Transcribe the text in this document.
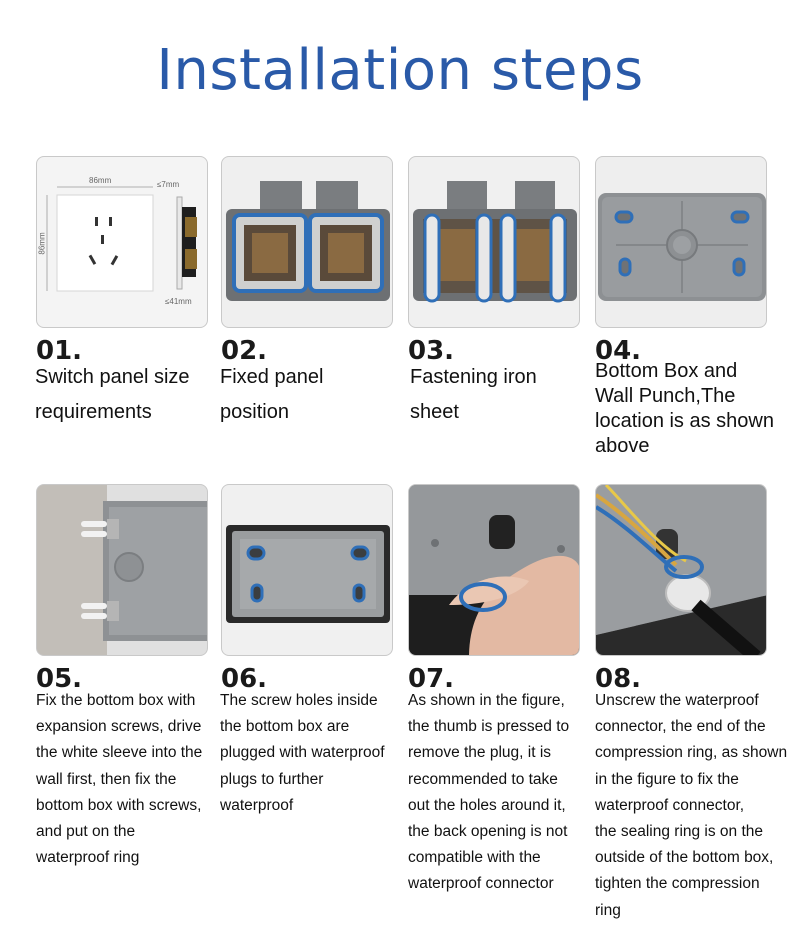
Installation steps
86mm
86mm
≤7mm
≤41mm
01.
Switch panel size
requirements
02.
Fixed panel
position
03.
Fastening iron
sheet
04.
Bottom Box and
Wall Punch,The
location is as shown
above
05.
Fix the bottom box with
expansion screws, drive
the white sleeve into the
wall first, then fix the
bottom box with screws,
and put on the
waterproof ring
06.
The screw holes inside
the bottom box are
plugged with waterproof
plugs to further
waterproof
07.
As shown in the figure,
the thumb is pressed to
remove the plug, it is
recommended to take
out the holes around it,
the back opening is not
compatible with the
waterproof connector
08.
Unscrew the waterproof
connector, the end of the
compression ring, as shown
in the figure to fix the
waterproof connector,
the sealing ring is on the
outside of the bottom box,
tighten the compression
ring
